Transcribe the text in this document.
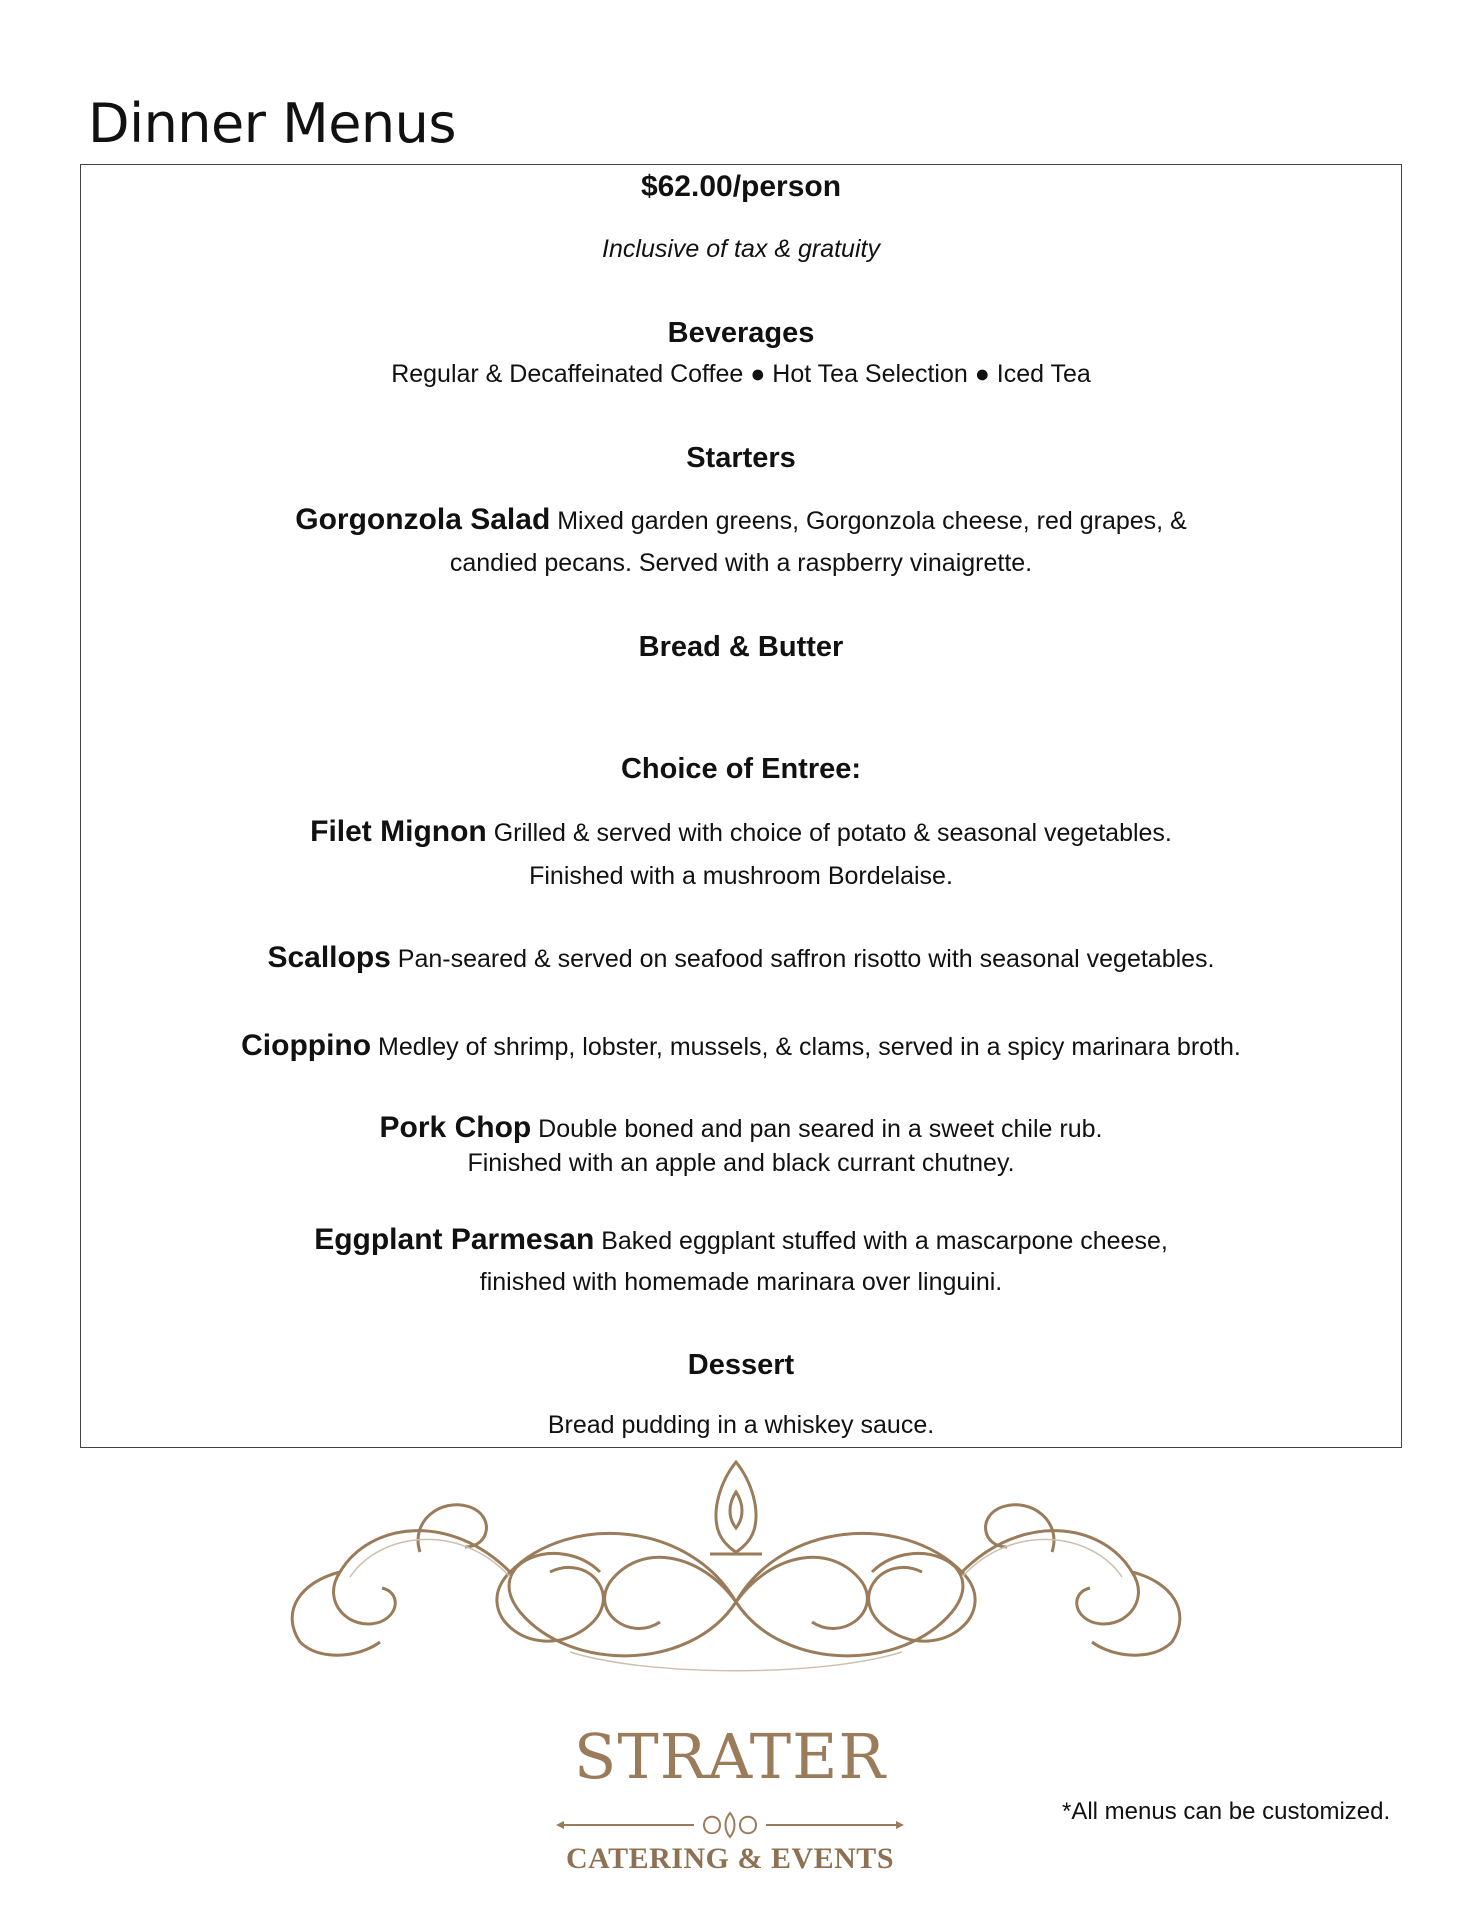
Dinner Menus
$62.00/person
Inclusive of tax & gratuity
Beverages
Regular & Decaffeinated Coffee ● Hot Tea Selection ● Iced Tea
Starters
Gorgonzola Salad Mixed garden greens, Gorgonzola cheese, red grapes, &
candied pecans. Served with a raspberry vinaigrette.
Bread & Butter
Choice of Entree:
Filet Mignon Grilled & served with choice of potato & seasonal vegetables.
Finished with a mushroom Bordelaise.
Scallops Pan-seared & served on seafood saffron risotto with seasonal vegetables.
Cioppino Medley of shrimp, lobster, mussels, & clams, served in a spicy marinara broth.
Pork Chop Double boned and pan seared in a sweet chile rub.
Finished with an apple and black currant chutney.
Eggplant Parmesan Baked eggplant stuffed with a mascarpone cheese,
finished with homemade marinara over linguini.
Dessert
Bread pudding in a whiskey sauce.
STRATER
CATERING & EVENTS
*All menus can be customized.
